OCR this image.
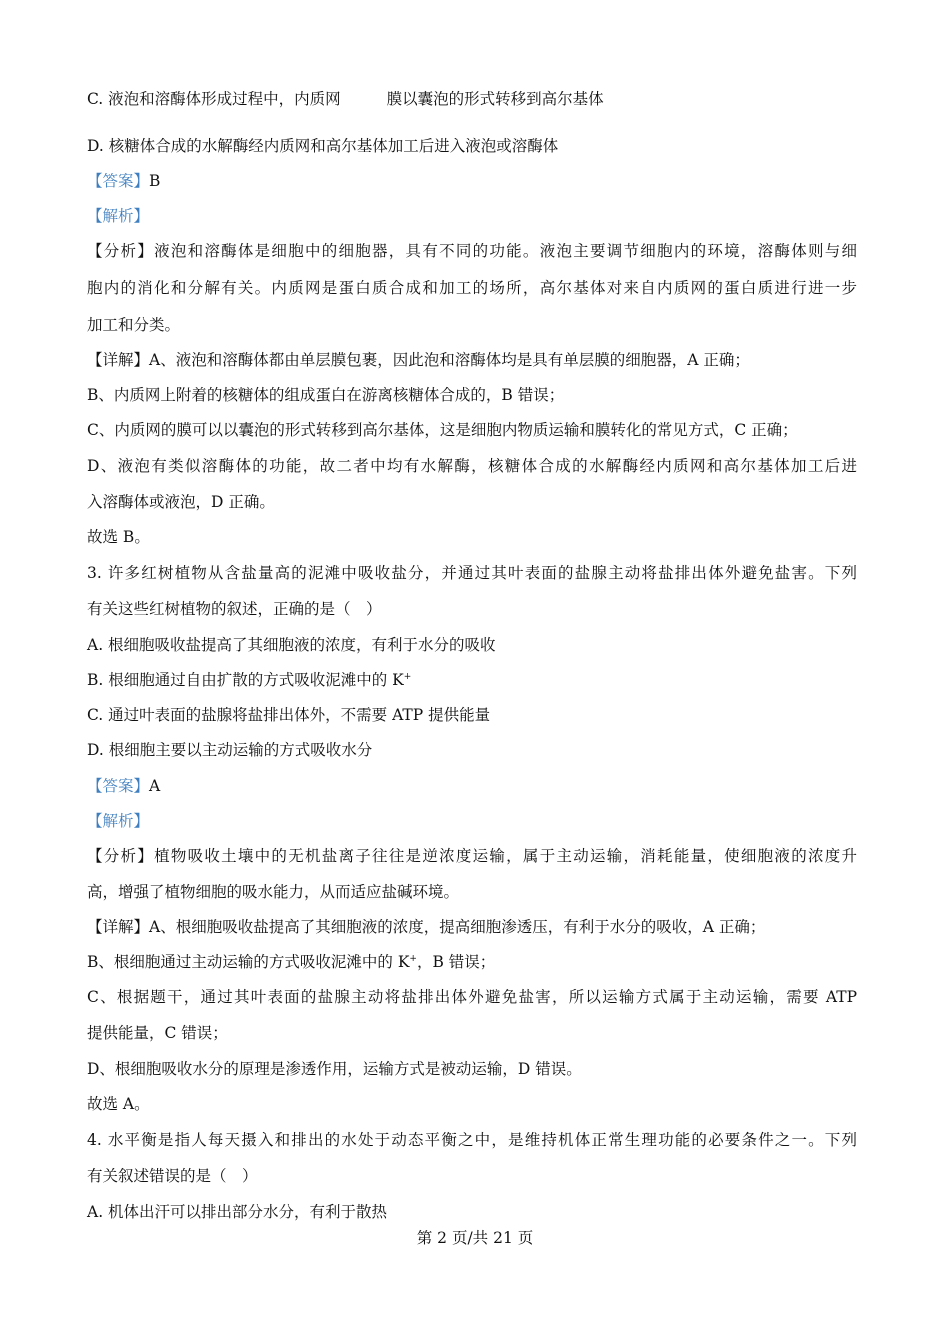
C. 液泡和溶酶体形成过程中，内质网	膜以囊泡的形式转移到高尔基体
D. 核糖体合成的水解酶经内质网和高尔基体加工后进入液泡或溶酶体
【答案】B
【解析】
【分析】液泡和溶酶体是细胞中的细胞器，具有不同的功能。液泡主要调节细胞内的环境，溶酶体则与细
胞内的消化和分解有关。内质网是蛋白质合成和加工的场所，高尔基体对来自内质网的蛋白质进行进一步
加工和分类。
【详解】A、液泡和溶酶体都由单层膜包裹，因此泡和溶酶体均是具有单层膜的细胞器，A 正确；
B、内质网上附着的核糖体的组成蛋白在游离核糖体合成的，B 错误；
C、内质网的膜可以以囊泡的形式转移到高尔基体，这是细胞内物质运输和膜转化的常见方式，C 正确；
D、液泡有类似溶酶体的功能，故二者中均有水解酶，核糖体合成的水解酶经内质网和高尔基体加工后进
入溶酶体或液泡，D 正确。
故选 B。
3. 许多红树植物从含盐量高的泥滩中吸收盐分，并通过其叶表面的盐腺主动将盐排出体外避免盐害。下列
有关这些红树植物的叙述，正确的是（　）
A. 根细胞吸收盐提高了其细胞液的浓度，有利于水分的吸收
B. 根细胞通过自由扩散的方式吸收泥滩中的 K+
C. 通过叶表面的盐腺将盐排出体外，不需要 ATP 提供能量
D. 根细胞主要以主动运输的方式吸收水分
【答案】A
【解析】
【分析】植物吸收土壤中的无机盐离子往往是逆浓度运输，属于主动运输，消耗能量，使细胞液的浓度升
高，增强了植物细胞的吸水能力，从而适应盐碱环境。
【详解】A、根细胞吸收盐提高了其细胞液的浓度，提高细胞渗透压，有利于水分的吸收，A 正确；
B、根细胞通过主动运输的方式吸收泥滩中的 K+，B 错误；
C、根据题干，通过其叶表面的盐腺主动将盐排出体外避免盐害，所以运输方式属于主动运输，需要 ATP
提供能量，C 错误；
D、根细胞吸收水分的原理是渗透作用，运输方式是被动运输，D 错误。
故选 A。
4. 水平衡是指人每天摄入和排出的水处于动态平衡之中，是维持机体正常生理功能的必要条件之一。下列
有关叙述错误的是（　）
A. 机体出汗可以排出部分水分，有利于散热
第 2 页/共 21 页
